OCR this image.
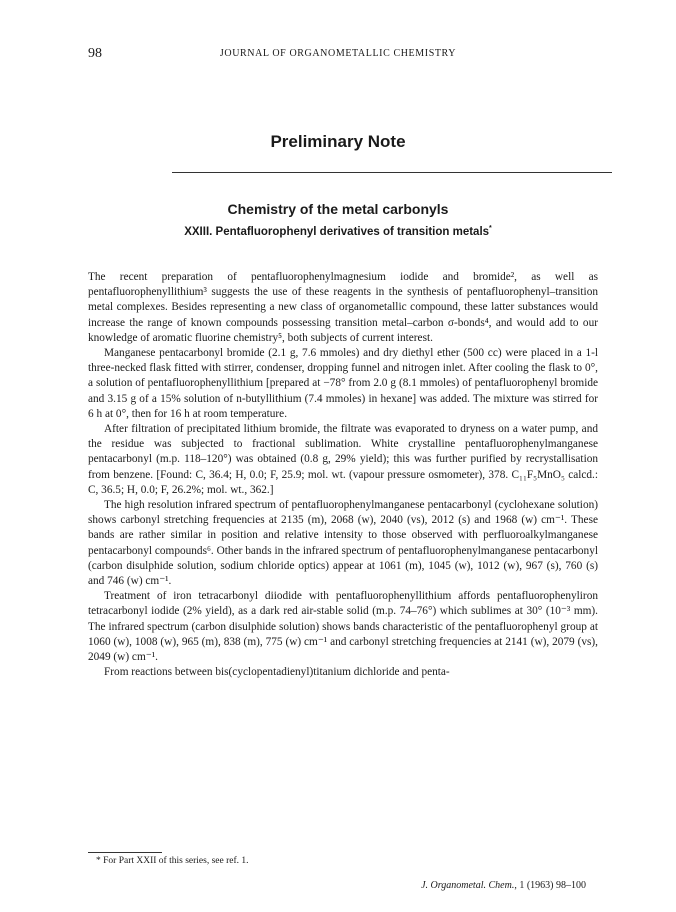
98	JOURNAL OF ORGANOMETALLIC CHEMISTRY
Preliminary Note
Chemistry of the metal carbonyls
XXIII. Pentafluorophenyl derivatives of transition metals*

The recent preparation of pentafluorophenylmagnesium iodide and bromide², as well as pentafluorophenyllithium³ suggests the use of these reagents in the synthesis of pentafluorophenyl–transition metal complexes. Besides representing a new class of organometallic compound, these latter substances would increase the range of known compounds possessing transition metal–carbon σ-bonds⁴, and would add to our knowledge of aromatic fluorine chemistry⁵, both subjects of current interest.

Manganese pentacarbonyl bromide (2.1 g, 7.6 mmoles) and dry diethyl ether (500 cc) were placed in a 1-l three-necked flask fitted with stirrer, condenser, dropping funnel and nitrogen inlet. After cooling the flask to 0°, a solution of pentafluorophenyllithium [prepared at −78° from 2.0 g (8.1 mmoles) of pentafluorophenyl bromide and 3.15 g of a 15% solution of n-butyllithium (7.4 mmoles) in hexane] was added. The mixture was stirred for 6 h at 0°, then for 16 h at room temperature.

After filtration of precipitated lithium bromide, the filtrate was evaporated to dryness on a water pump, and the residue was subjected to fractional sublimation. White crystalline pentafluorophenylmanganese pentacarbonyl (m.p. 118–120°) was obtained (0.8 g, 29% yield); this was further purified by recrystallisation from benzene. [Found: C, 36.4; H, 0.0; F, 25.9; mol. wt. (vapour pressure osmometer), 378. C₁₁F₅MnO₅ calcd.: C, 36.5; H, 0.0; F, 26.2%; mol. wt., 362.]

The high resolution infrared spectrum of pentafluorophenylmanganese pentacarbonyl (cyclohexane solution) shows carbonyl stretching frequencies at 2135 (m), 2068 (w), 2040 (vs), 2012 (s) and 1968 (w) cm⁻¹. These bands are rather similar in position and relative intensity to those observed with perfluoroalkylmanganese pentacarbonyl compounds⁶. Other bands in the infrared spectrum of pentafluorophenylmanganese pentacarbonyl (carbon disulphide solution, sodium chloride optics) appear at 1061 (m), 1045 (w), 1012 (w), 967 (s), 760 (s) and 746 (w) cm⁻¹.

Treatment of iron tetracarbonyl diiodide with pentafluorophenyllithium affords pentafluorophenyliron tetracarbonyl iodide (2% yield), as a dark red air-stable solid (m.p. 74–76°) which sublimes at 30° (10⁻³ mm). The infrared spectrum (carbon disulphide solution) shows bands characteristic of the pentafluorophenyl group at 1060 (w), 1008 (w), 965 (m), 838 (m), 775 (w) cm⁻¹ and carbonyl stretching frequencies at 2141 (w), 2079 (vs), 2049 (w) cm⁻¹.

From reactions between bis(cyclopentadienyl)titanium dichloride and penta-

* For Part XXII of this series, see ref. 1.
J. Organometal. Chem., 1 (1963) 98–100
